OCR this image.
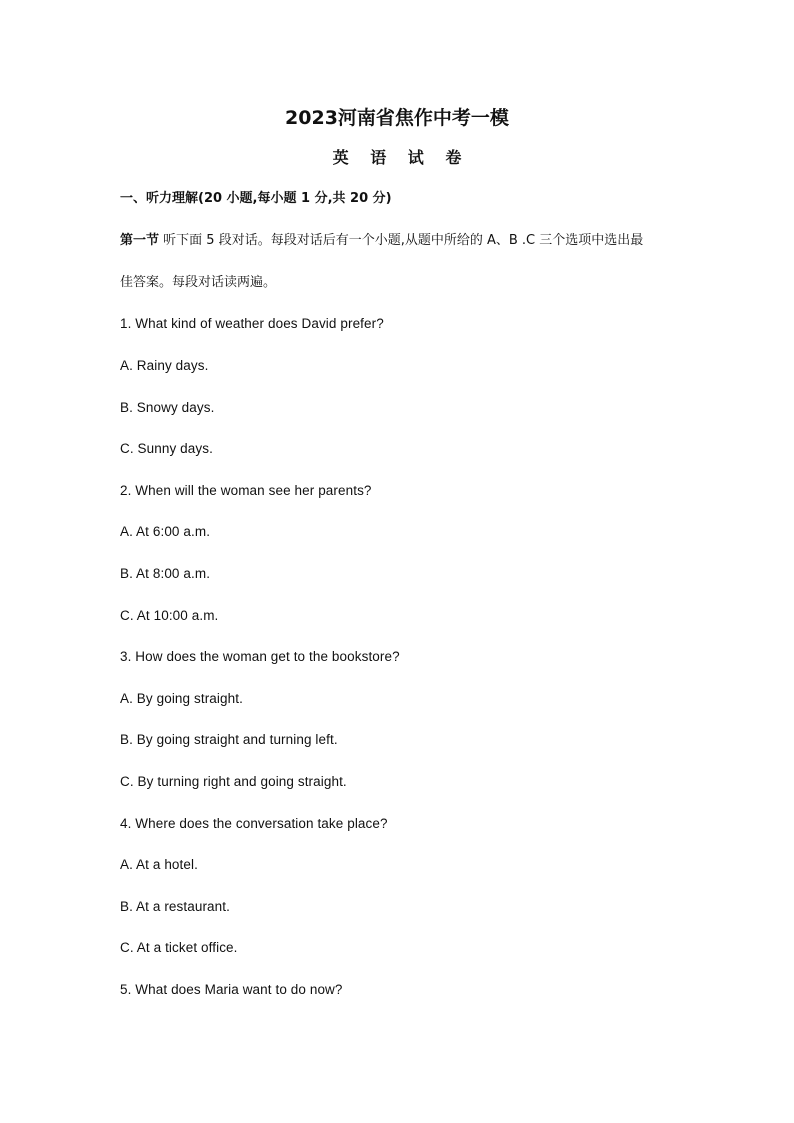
2023河南省焦作中考一模
英 语 试 卷
一、听力理解(20 小题,每小题 1 分,共 20 分)
第一节 听下面 5 段对话。每段对话后有一个小题,从题中所给的 A、B .C 三个选项中选出最
佳答案。每段对话读两遍。
1. What kind of weather does David prefer?
A. Rainy days.
B. Snowy days.
C. Sunny days.
2. When will the woman see her parents?
A. At 6:00 a.m.
B. At 8:00 a.m.
C. At 10:00 a.m.
3. How does the woman get to the bookstore?
A. By going straight.
B. By going straight and turning left.
C. By turning right and going straight.
4. Where does the conversation take place?
A. At a hotel.
B. At a restaurant.
C. At a ticket office.
5. What does Maria want to do now?
